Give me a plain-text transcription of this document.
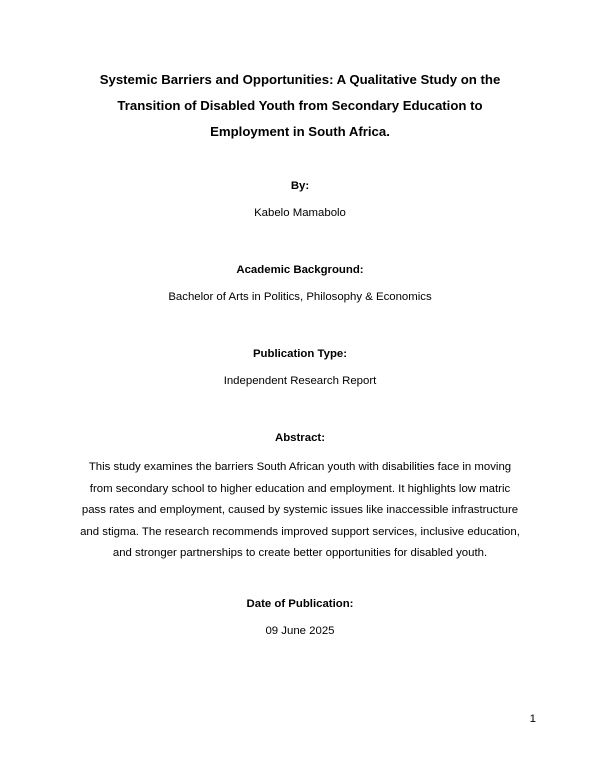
Systemic Barriers and Opportunities: A Qualitative Study on the
Transition of Disabled Youth from Secondary Education to
Employment in South Africa.
By:
Kabelo Mamabolo
Academic Background:
Bachelor of Arts in Politics, Philosophy & Economics
Publication Type:
Independent Research Report
Abstract:
This study examines the barriers South African youth with disabilities face in moving
from secondary school to higher education and employment. It highlights low matric
pass rates and employment, caused by systemic issues like inaccessible infrastructure
and stigma. The research recommends improved support services, inclusive education,
and stronger partnerships to create better opportunities for disabled youth.
Date of Publication:
09 June 2025
1
